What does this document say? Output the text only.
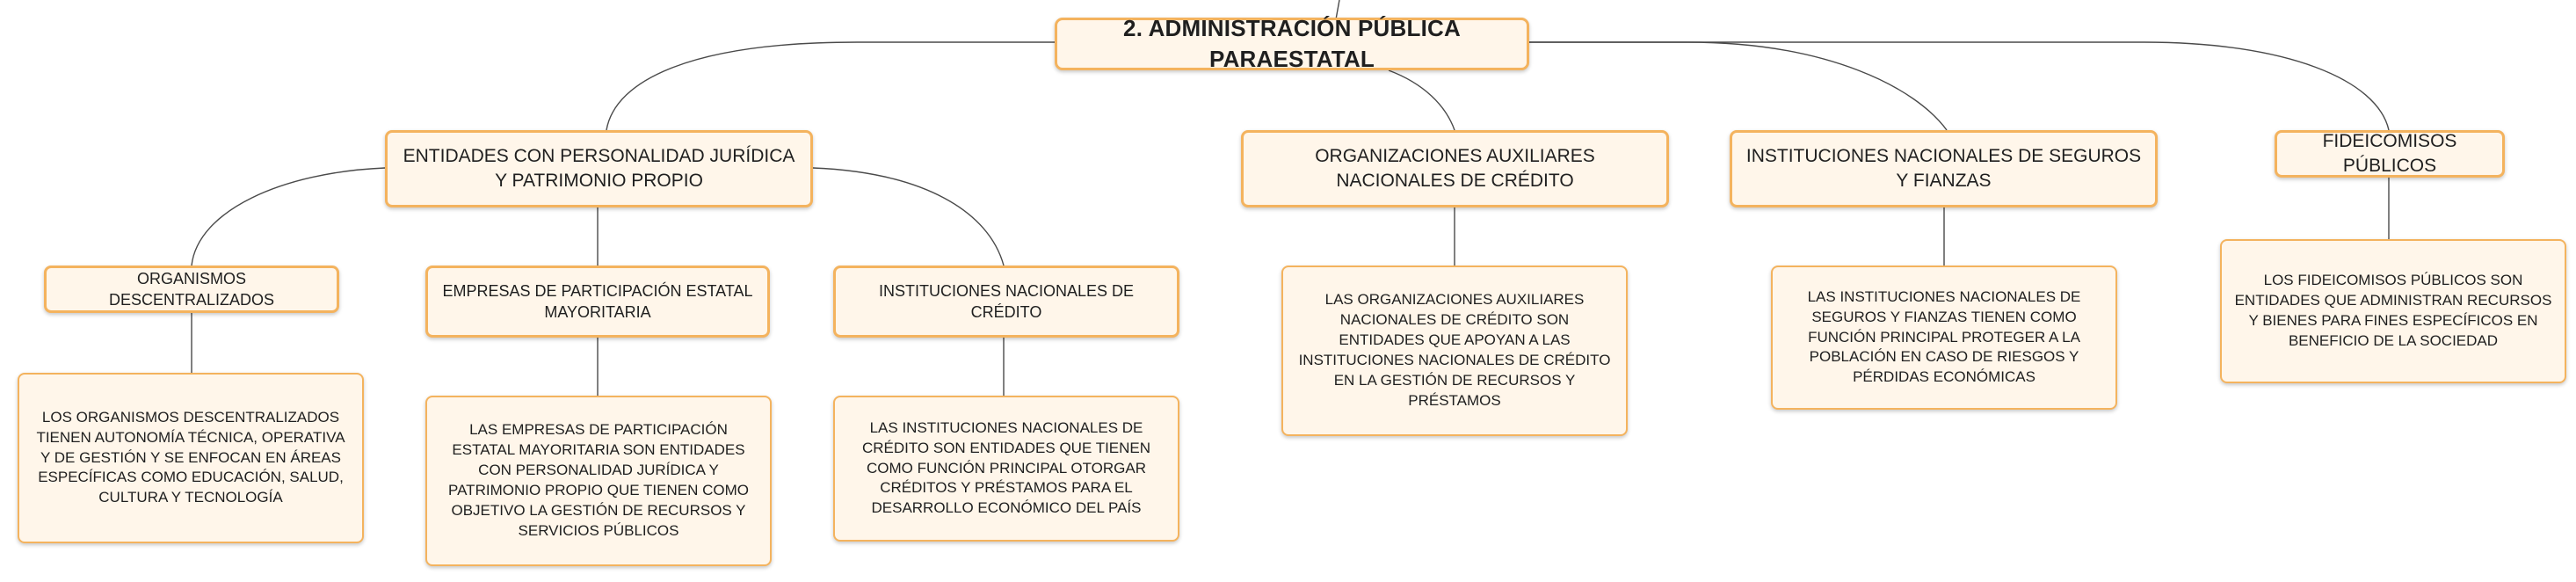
2. ADMINISTRACIÓN PÚBLICA PARAESTATAL
ENTIDADES CON PERSONALIDAD JURÍDICA Y PATRIMONIO PROPIO
ORGANIZACIONES AUXILIARES NACIONALES DE CRÉDITO
INSTITUCIONES NACIONALES DE SEGUROS Y FIANZAS
FIDEICOMISOS PÚBLICOS
ORGANISMOS DESCENTRALIZADOS
EMPRESAS DE PARTICIPACIÓN ESTATAL MAYORITARIA
INSTITUCIONES NACIONALES DE CRÉDITO
LOS ORGANISMOS DESCENTRALIZADOS TIENEN AUTONOMÍA TÉCNICA, OPERATIVA Y DE GESTIÓN Y SE ENFOCAN EN ÁREAS ESPECÍFICAS COMO EDUCACIÓN, SALUD, CULTURA Y TECNOLOGÍA
LAS EMPRESAS DE PARTICIPACIÓN ESTATAL MAYORITARIA SON ENTIDADES CON PERSONALIDAD JURÍDICA Y PATRIMONIO PROPIO QUE TIENEN COMO OBJETIVO LA GESTIÓN DE RECURSOS Y SERVICIOS PÚBLICOS
LAS INSTITUCIONES NACIONALES DE CRÉDITO SON ENTIDADES QUE TIENEN COMO FUNCIÓN PRINCIPAL OTORGAR CRÉDITOS Y PRÉSTAMOS PARA EL DESARROLLO ECONÓMICO DEL PAÍS
LAS ORGANIZACIONES AUXILIARES NACIONALES DE CRÉDITO SON ENTIDADES QUE APOYAN A LAS INSTITUCIONES NACIONALES DE CRÉDITO EN LA GESTIÓN DE RECURSOS Y PRÉSTAMOS
LAS INSTITUCIONES NACIONALES DE SEGUROS Y FIANZAS TIENEN COMO FUNCIÓN PRINCIPAL PROTEGER A LA POBLACIÓN EN CASO DE RIESGOS Y PÉRDIDAS ECONÓMICAS
LOS FIDEICOMISOS PÚBLICOS SON ENTIDADES QUE ADMINISTRAN RECURSOS Y BIENES PARA FINES ESPECÍFICOS EN BENEFICIO DE LA SOCIEDAD
